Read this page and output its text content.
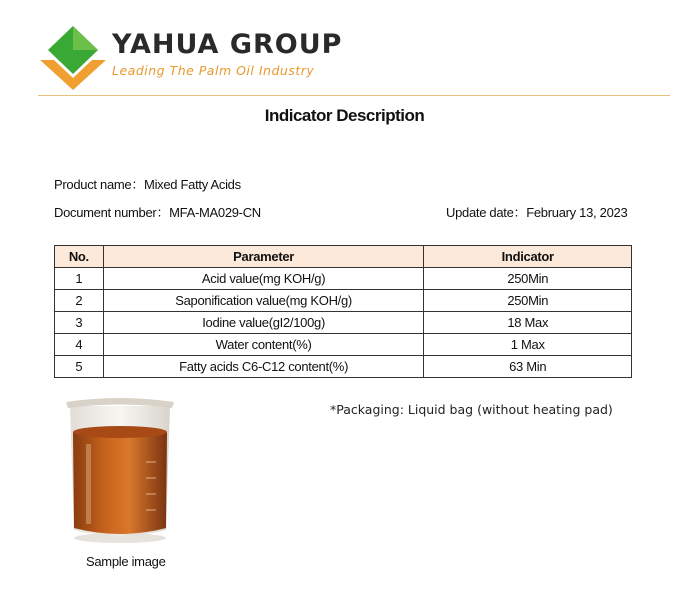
YAHUA GROUP
Leading The Palm Oil Industry
Indicator Description
Product name：Mixed Fatty Acids
Document number：MFA-MA029-CN	Update date：February 13, 2023
No.	Parameter	Indicator
1	Acid value(mg KOH/g)	250Min
2	Saponification value(mg KOH/g)	250Min
3	Iodine value(gI2/100g)	18 Max
4	Water content(%)	1 Max
5	Fatty acids C6-C12 content(%)	63 Min
Sample image
*Packaging: Liquid bag (without heating pad)
